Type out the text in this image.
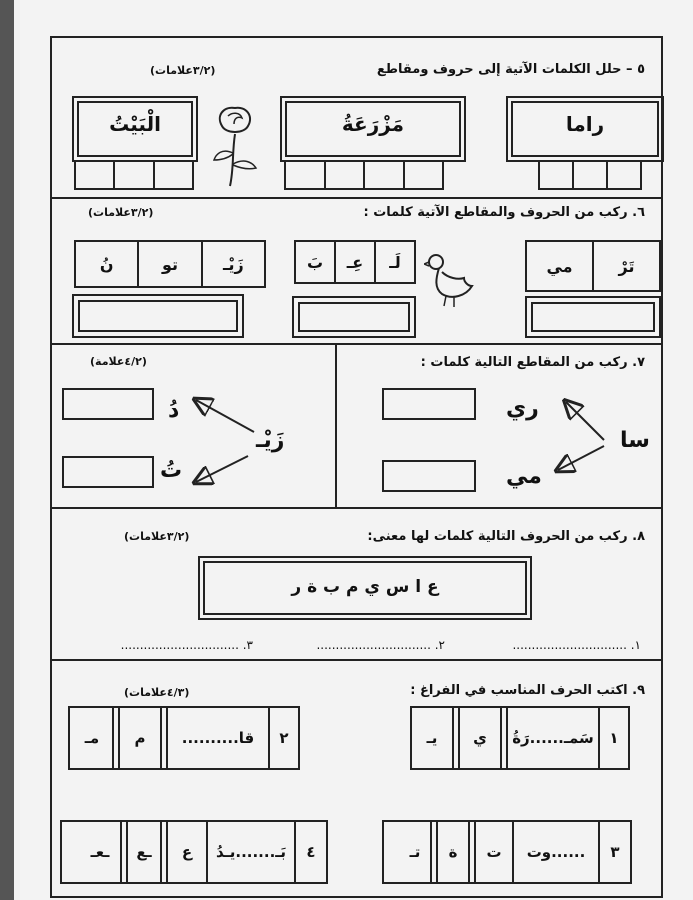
٥ – حلل الكلمات الآتية إلى حروف ومقاطع
(٣/٢علامات)
راما
مَزْرَعَةُ
الْبَيْتُ
٦. ركب من الحروف والمقاطع الآتية كلمات :
(٣/٢علامات)
تَرْ
مي
لَـ
عِـ
بَ
زَيْـ
تو
نُ
٧. ركب من المقاطع التالية كلمات :
(٤/٢علامة)
سا
ري
مي
زَيْـ
دُ
تُ
٨. ركب من الحروف التالية كلمات لها معنى:
(٣/٢علامات)
ع ا س ي م ب ة ر
١. ..............................
٢. ..............................
٣. ...............................
٩. اكتب الحرف المناسب في الفراغ :
(٤/٣علامات)
١
سَمـ......رَةُ
ي
يـ
٢
قا..........
م
مـ
٣
......وت
ت
ة
تـ
٤
بَـ.......يـدُ
ع
ـع
ـعـ
